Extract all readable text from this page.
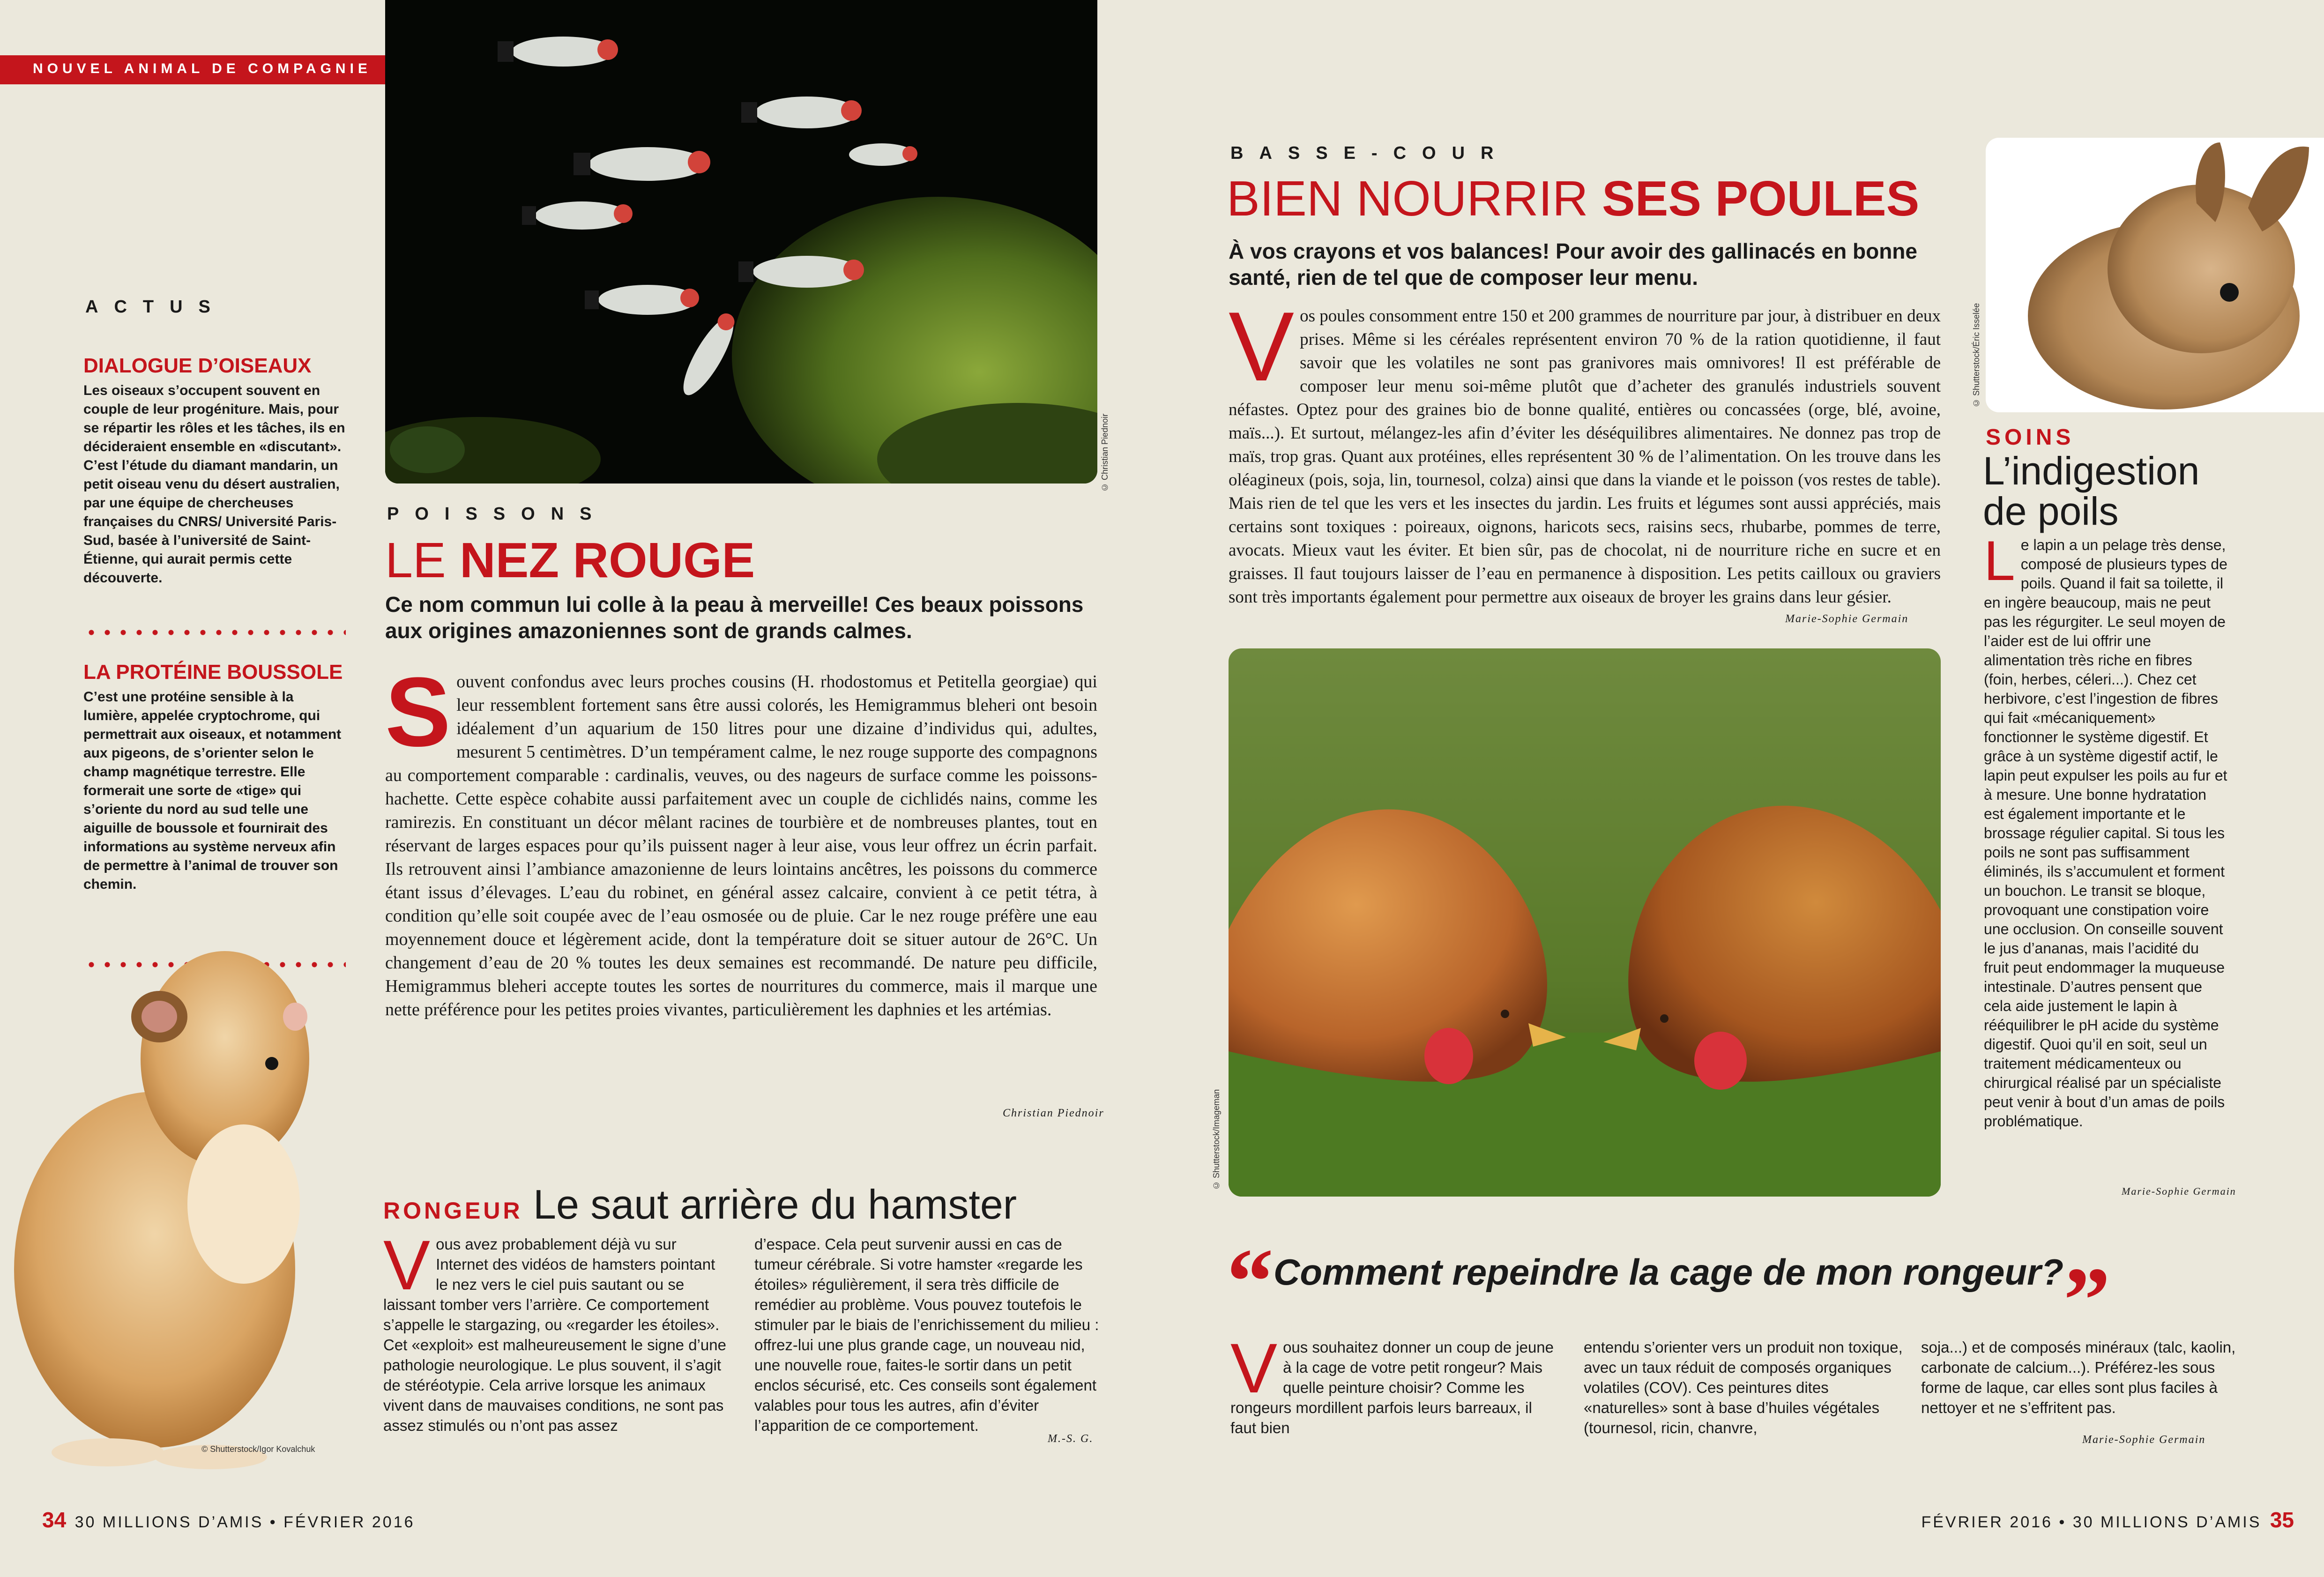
NOUVEL ANIMAL DE COMPAGNIE
© Christian Piednoir
ACTUS
DIALOGUE D’OISEAUX
Les oiseaux s’occupent souvent en couple de leur progéniture. Mais, pour se répartir les rôles et les tâches, ils en décideraient ensemble en «discutant». C’est l’étude du diamant mandarin, un petit oiseau venu du désert australien, par une équipe de chercheuses françaises du CNRS/ Université Paris-Sud, basée à l’université de Saint-Étienne, qui aurait permis cette découverte.
LA PROTÉINE BOUSSOLE
C’est une protéine sensible à la lumière, appelée cryptochrome, qui permettrait aux oiseaux, et notamment aux pigeons, de s’orienter selon le champ magnétique terrestre. Elle formerait une sorte de «tige» qui s’oriente du nord au sud telle une aiguille de boussole et fournirait des informations au système nerveux afin de permettre à l’animal de trouver son chemin.
© Shutterstock/Igor Kovalchuk
POISSONS
LE NEZ ROUGE
Ce nom commun lui colle à la peau à merveille! Ces beaux poissons aux origines amazoniennes sont de grands calmes.
Souvent confondus avec leurs proches cousins (H. rhodostomus et Petitella georgiae) qui leur ressemblent fortement sans être aussi colorés, les Hemigrammus bleheri ont besoin idéalement d’un aquarium de 150 litres pour une dizaine d’individus qui, adultes, mesurent 5 centimètres. D’un tempérament calme, le nez rouge supporte des compagnons au comportement comparable : cardinalis, veuves, ou des nageurs de surface comme les poissons-hachette. Cette espèce cohabite aussi parfaitement avec un couple de cichlidés nains, comme les ramirezis. En constituant un décor mêlant racines de tourbière et de nombreuses plantes, tout en réservant de larges espaces pour qu’ils puissent nager à leur aise, vous leur offrez un écrin parfait. Ils retrouvent ainsi l’ambiance amazonienne de leurs lointains ancêtres, les poissons du commerce étant issus d’élevages. L’eau du robinet, en général assez calcaire, convient à ce petit tétra, à condition qu’elle soit coupée avec de l’eau osmosée ou de pluie. Car le nez rouge préfère une eau moyennement douce et légèrement acide, dont la température doit se situer autour de 26°C. Un changement d’eau de 20 % toutes les deux semaines est recommandé. De nature peu difficile, Hemigrammus bleheri accepte toutes les sortes de nourritures du commerce, mais il marque une nette préférence pour les petites proies vivantes, particulièrement les daphnies et les artémias.
Christian Piednoir
RONGEUR Le saut arrière du hamster
Vous avez probablement déjà vu sur Internet des vidéos de hamsters pointant le nez vers le ciel puis sautant ou se laissant tomber vers l’arrière. Ce comportement s’appelle le stargazing, ou «regarder les étoiles». Cet «exploit» est malheureusement le signe d’une pathologie neurologique. Le plus souvent, il s’agit de stéréotypie. Cela arrive lorsque les animaux vivent dans de mauvaises conditions, ne sont pas assez stimulés ou n’ont pas assez
d’espace. Cela peut survenir aussi en cas de tumeur cérébrale. Si votre hamster «regarde les étoiles» régulièrement, il sera très difficile de remédier au problème. Vous pouvez toutefois le stimuler par le biais de l’enrichissement du milieu : offrez-lui une plus grande cage, un nouveau nid, une nouvelle roue, faites-le sortir dans un petit enclos sécurisé, etc. Ces conseils sont également valables pour tous les autres, afin d’éviter l’apparition de ce comportement.
M.-S. G.
34 30 MILLIONS D’AMIS • FÉVRIER 2016
BASSE-COUR
BIEN NOURRIR SES POULES
À vos crayons et vos balances! Pour avoir des gallinacés en bonne santé, rien de tel que de composer leur menu.
Vos poules consomment entre 150 et 200 grammes de nourriture par jour, à distribuer en deux prises. Même si les céréales représentent environ 70 % de la ration quotidienne, il faut savoir que les volatiles ne sont pas granivores mais omnivores! Il est préférable de composer leur menu soi-même plutôt que d’acheter des granulés industriels souvent néfastes. Optez pour des graines bio de bonne qualité, entières ou concassées (orge, blé, avoine, maïs...). Et surtout, mélangez-les afin d’éviter les déséquilibres alimentaires. Ne donnez pas trop de maïs, trop gras. Quant aux protéines, elles représentent 30 % de l’alimentation. On les trouve dans les oléagineux (pois, soja, lin, tournesol, colza) ainsi que dans la viande et le poisson (vos restes de table). Mais rien de tel que les vers et les insectes du jardin. Les fruits et légumes sont aussi appréciés, mais certains sont toxiques : poireaux, oignons, haricots secs, raisins secs, rhubarbe, pommes de terre, avocats. Mieux vaut les éviter. Et bien sûr, pas de chocolat, ni de nourriture riche en sucre et en graisses. Il faut toujours laisser de l’eau en permanence à disposition. Les petits cailloux ou graviers sont très importants également pour permettre aux oiseaux de broyer les grains dans leur gésier.
Marie-Sophie Germain
© Shutterstock/Imageman
© Shutterstock/Éric Isselée
SOINS
L’indigestion de poils
Le lapin a un pelage très dense, composé de plusieurs types de poils. Quand il fait sa toilette, il en ingère beaucoup, mais ne peut pas les régurgiter. Le seul moyen de l’aider est de lui offrir une alimentation très riche en fibres (foin, herbes, céleri...). Chez cet herbivore, c’est l’ingestion de fibres qui fait «mécaniquement» fonctionner le système digestif. Et grâce à un système digestif actif, le lapin peut expulser les poils au fur et à mesure. Une bonne hydratation est également importante et le brossage régulier capital. Si tous les poils ne sont pas suffisamment éliminés, ils s’accumulent et forment un bouchon. Le transit se bloque, provoquant une constipation voire une occlusion. On conseille souvent le jus d’ananas, mais l’acidité du fruit peut endommager la muqueuse intestinale. D’autres pensent que cela aide justement le lapin à rééquilibrer le pH acide du système digestif. Quoi qu’il en soit, seul un traitement médicamenteux ou chirurgical réalisé par un spécialiste peut venir à bout d’un amas de poils problématique.
Marie-Sophie Germain
“Comment repeindre la cage de mon rongeur?”
Vous souhaitez donner un coup de jeune à la cage de votre petit rongeur? Mais quelle peinture choisir? Comme les rongeurs mordillent parfois leurs barreaux, il faut bien
entendu s’orienter vers un produit non toxique, avec un taux réduit de composés organiques volatiles (COV). Ces peintures dites «naturelles» sont à base d’huiles végétales (tournesol, ricin, chanvre,
soja...) et de composés minéraux (talc, kaolin, carbonate de calcium...). Préférez-les sous forme de laque, car elles sont plus faciles à nettoyer et ne s’effritent pas.
Marie-Sophie Germain
FÉVRIER 2016 • 30 MILLIONS D’AMIS 35
